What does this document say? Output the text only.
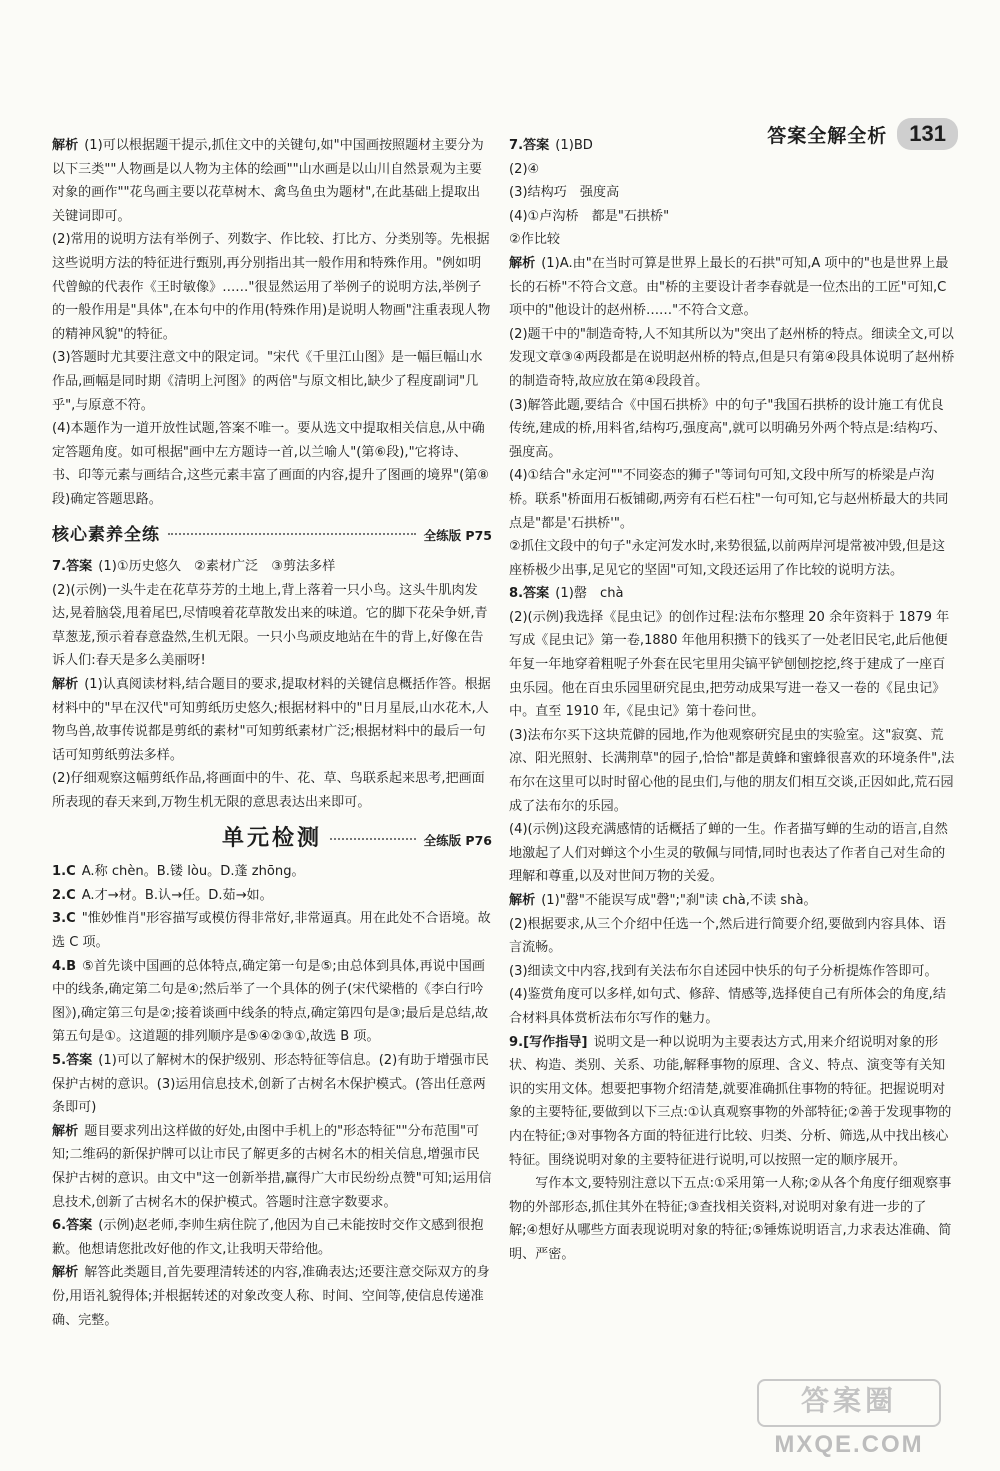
答案全解全析	131

解析 (1)可以根据题干提示,抓住文中的关键句,如"中国画按照题材主要分为以下三类""人物画是以人物为主体的绘画""山水画是以山川自然景观为主要对象的画作""花鸟画主要以花草树木、禽鸟鱼虫为题材",在此基础上提取出关键词即可。

(2)常用的说明方法有举例子、列数字、作比较、打比方、分类别等。先根据这些说明方法的特征进行甄别,再分别指出其一般作用和特殊作用。"例如明代曾鲸的代表作《王时敏像》……"很显然运用了举例子的说明方法,举例子的一般作用是"具体",在本句中的作用(特殊作用)是说明人物画"注重表现人物的精神风貌"的特征。

(3)答题时尤其要注意文中的限定词。"宋代《千里江山图》是一幅巨幅山水作品,画幅是同时期《清明上河图》的两倍"与原文相比,缺少了程度副词"几乎",与原意不符。

(4)本题作为一道开放性试题,答案不唯一。要从选文中提取相关信息,从中确定答题角度。如可根据"画中左方题诗一首,以兰喻人"(第⑥段),"它将诗、书、印等元素与画结合,这些元素丰富了画面的内容,提升了图画的境界"(第⑧段)确定答题思路。

核心素养全练	全练版 P75

7.答案 (1)①历史悠久　②素材广泛　③剪法多样

(2)(示例)一头牛走在花草芬芳的土地上,背上落着一只小鸟。这头牛肌肉发达,晃着脑袋,甩着尾巴,尽情嗅着花草散发出来的味道。它的脚下花朵争妍,青草葱茏,预示着春意盎然,生机无限。一只小鸟顽皮地站在牛的背上,好像在告诉人们:春天是多么美丽呀!

解析 (1)认真阅读材料,结合题目的要求,提取材料的关键信息概括作答。根据材料中的"早在汉代"可知剪纸历史悠久;根据材料中的"日月星辰,山水花木,人物鸟兽,故事传说都是剪纸的素材"可知剪纸素材广泛;根据材料中的最后一句话可知剪纸剪法多样。

(2)仔细观察这幅剪纸作品,将画面中的牛、花、草、鸟联系起来思考,把画面所表现的春天来到,万物生机无限的意思表达出来即可。

单元检测	全练版 P76

1.C A.称 chèn。B.镂 lòu。D.蓬 zhōng。

2.C A.才→材。B.认→任。D.茹→如。

3.C "惟妙惟肖"形容描写或模仿得非常好,非常逼真。用在此处不合语境。故选 C 项。

4.B ⑤首先谈中国画的总体特点,确定第一句是⑤;由总体到具体,再说中国画中的线条,确定第二句是④;然后举了一个具体的例子(宋代梁楷的《李白行吟图》),确定第三句是②;接着谈画中线条的特点,确定第四句是③;最后是总结,故第五句是①。这道题的排列顺序是⑤④②③①,故选 B 项。

5.答案 (1)可以了解树木的保护级别、形态特征等信息。(2)有助于增强市民保护古树的意识。(3)运用信息技术,创新了古树名木保护模式。(答出任意两条即可)

解析 题目要求列出这样做的好处,由图中手机上的"形态特征""分布范围"可知;二维码的新保护牌可以让市民了解更多的古树名木的相关信息,增强市民保护古树的意识。由文中"这一创新举措,赢得广大市民纷纷点赞"可知;运用信息技术,创新了古树名木的保护模式。答题时注意字数要求。

6.答案 (示例)赵老师,李帅生病住院了,他因为自己未能按时交作文感到很抱歉。他想请您批改好他的作文,让我明天带给他。

解析 解答此类题目,首先要理清转述的内容,准确表达;还要注意交际双方的身份,用语礼貌得体;并根据转述的对象改变人称、时间、空间等,使信息传递准确、完整。

7.答案 (1)BD

(2)④

(3)结构巧　强度高

(4)①卢沟桥　都是"石拱桥"

②作比较

解析 (1)A.由"在当时可算是世界上最长的石拱"可知,A 项中的"也是世界上最长的石桥"不符合文意。由"桥的主要设计者李春就是一位杰出的工匠"可知,C 项中的"他设计的赵州桥……"不符合文意。

(2)题干中的"制造奇特,人不知其所以为"突出了赵州桥的特点。细读全文,可以发现文章③④两段都是在说明赵州桥的特点,但是只有第④段具体说明了赵州桥的制造奇特,故应放在第④段段首。

(3)解答此题,要结合《中国石拱桥》中的句子"我国石拱桥的设计施工有优良传统,建成的桥,用料省,结构巧,强度高",就可以明确另外两个特点是:结构巧、强度高。

(4)①结合"永定河""不同姿态的狮子"等词句可知,文段中所写的桥梁是卢沟桥。联系"桥面用石板铺砌,两旁有石栏石柱"一句可知,它与赵州桥最大的共同点是"都是'石拱桥'"。

②抓住文段中的句子"永定河发水时,来势很猛,以前两岸河堤常被冲毁,但是这座桥极少出事,足见它的坚固"可知,文段还运用了作比较的说明方法。

8.答案 (1)罄　chà

(2)(示例)我选择《昆虫记》的创作过程:法布尔整理 20 余年资料于 1879 年写成《昆虫记》第一卷,1880 年他用积攒下的钱买了一处老旧民宅,此后他便年复一年地穿着粗呢子外套在民宅里用尖镐平铲刨刨挖挖,终于建成了一座百虫乐园。他在百虫乐园里研究昆虫,把劳动成果写进一卷又一卷的《昆虫记》中。直至 1910 年,《昆虫记》第十卷问世。

(3)法布尔买下这块荒僻的园地,作为他观察研究昆虫的实验室。这"寂寞、荒凉、阳光照射、长满荆草"的园子,恰恰"都是黄蜂和蜜蜂很喜欢的环境条件",法布尔在这里可以时时留心他的昆虫们,与他的朋友们相互交谈,正因如此,荒石园成了法布尔的乐园。

(4)(示例)这段充满感情的话概括了蝉的一生。作者描写蝉的生动的语言,自然地激起了人们对蝉这个小生灵的敬佩与同情,同时也表达了作者自己对生命的理解和尊重,以及对世间万物的关爱。

解析 (1)"罄"不能误写成"磬";"刹"读 chà,不读 shà。

(2)根据要求,从三个介绍中任选一个,然后进行简要介绍,要做到内容具体、语言流畅。

(3)细读文中内容,找到有关法布尔自述园中快乐的句子分析提炼作答即可。

(4)鉴赏角度可以多样,如句式、修辞、情感等,选择使自己有所体会的角度,结合材料具体赏析法布尔写作的魅力。

9.[写作指导] 说明文是一种以说明为主要表达方式,用来介绍说明对象的形状、构造、类别、关系、功能,解释事物的原理、含义、特点、演变等有关知识的实用文体。想要把事物介绍清楚,就要准确抓住事物的特征。把握说明对象的主要特征,要做到以下三点:①认真观察事物的外部特征;②善于发现事物的内在特征;③对事物各方面的特征进行比较、归类、分析、筛选,从中找出核心特征。围绕说明对象的主要特征进行说明,可以按照一定的顺序展开。

写作本文,要特别注意以下五点:①采用第一人称;②从各个角度仔细观察事物的外部形态,抓住其外在特征;③查找相关资料,对说明对象有进一步的了解;④想好从哪些方面表现说明对象的特征;⑤锤炼说明语言,力求表达准确、简明、严密。

答案圈
MXQE.COM
